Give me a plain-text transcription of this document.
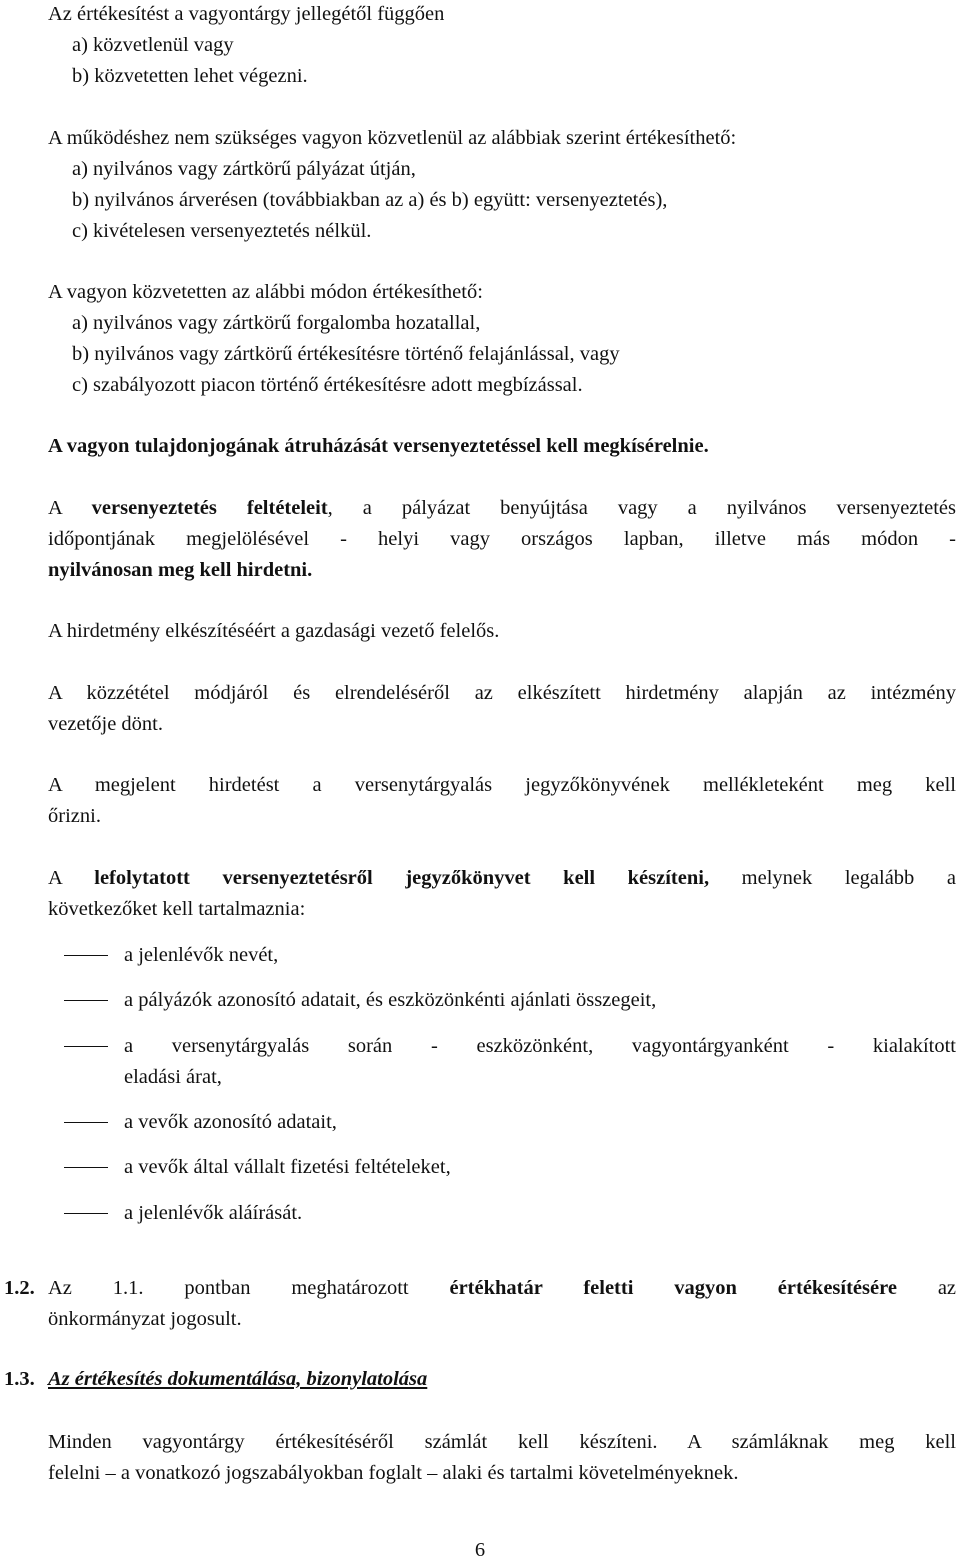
Az értékesítést a vagyontárgy jellegétől függően
a) közvetlenül vagy
b) közvetetten lehet végezni.
A működéshez nem szükséges vagyon közvetlenül az alábbiak szerint értékesíthető:
a) nyilvános vagy zártkörű pályázat útján,
b) nyilvános árverésen (továbbiakban az a) és b) együtt: versenyeztetés),
c) kivételesen versenyeztetés nélkül.
A vagyon közvetetten az alábbi módon értékesíthető:
a) nyilvános vagy zártkörű forgalomba hozatallal,
b) nyilvános vagy zártkörű értékesítésre történő felajánlással, vagy
c) szabályozott piacon történő értékesítésre adott megbízással.
A vagyon tulajdonjogának átruházását versenyeztetéssel kell megkísérelnie.
A versenyeztetés feltételeit, a pályázat benyújtása vagy a nyilvános versenyeztetés
időpontjának megjelölésével - helyi vagy országos lapban, illetve más módon -
nyilvánosan meg kell hirdetni.
A hirdetmény elkészítéséért a gazdasági vezető felelős.
A közzététel módjáról és elrendeléséről az elkészített hirdetmény alapján az intézmény
vezetője dönt.
A megjelent hirdetést a versenytárgyalás jegyzőkönyvének mellékleteként meg kell
őrizni.
A lefolytatott versenyeztetésről jegyzőkönyvet kell készíteni, melynek legalább a
következőket kell tartalmaznia:
a jelenlévők nevét,
a pályázók azonosító adatait, és eszközönkénti ajánlati összegeit,
a versenytárgyalás során - eszközönként, vagyontárgyanként - kialakított
eladási árat,
a vevők azonosító adatait,
a vevők által vállalt fizetési feltételeket,
a jelenlévők aláírását.
1.2. Az 1.1. pontban meghatározott értékhatár feletti vagyon értékesítésére az
önkormányzat jogosult.
1.3. Az értékesítés dokumentálása, bizonylatolása
Minden vagyontárgy értékesítéséről számlát kell készíteni. A számláknak meg kell
felelni – a vonatkozó jogszabályokban foglalt – alaki és tartalmi követelményeknek.
6
